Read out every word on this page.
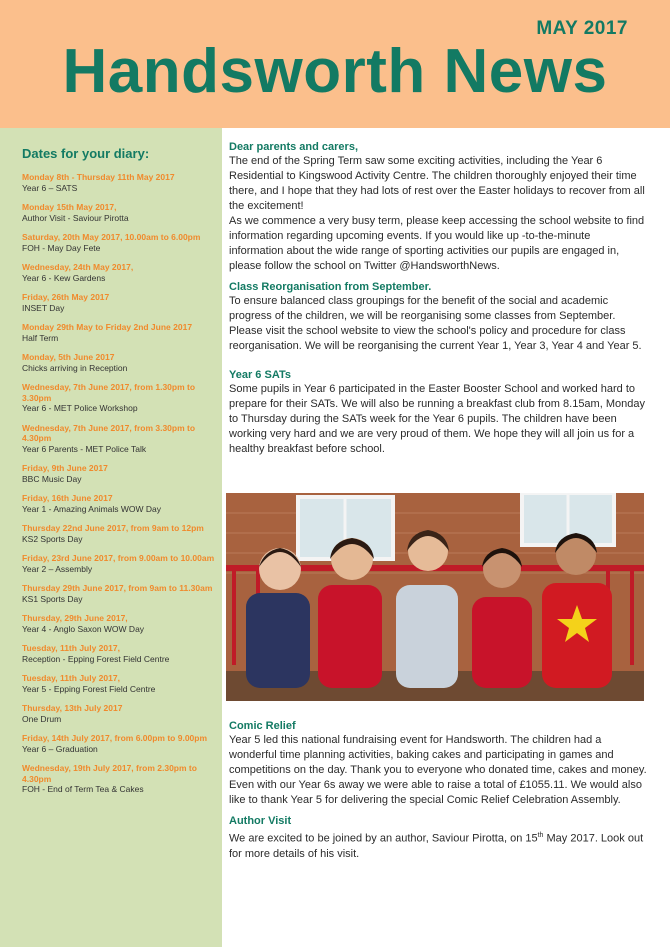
MAY 2017
Handsworth News
Dates for your diary:
Monday 8th - Thursday 11th May 2017
Year 6 – SATS
Monday 15th May 2017,
Author Visit - Saviour Pirotta
Saturday, 20th May 2017, 10.00am to 6.00pm
FOH - May Day Fete
Wednesday, 24th May 2017,
Year 6 - Kew Gardens
Friday, 26th May 2017
INSET Day
Monday 29th May to Friday 2nd June 2017
Half Term
Monday, 5th June 2017
Chicks arriving in Reception
Wednesday, 7th June 2017, from 1.30pm to 3.30pm
Year 6 - MET Police Workshop
Wednesday, 7th June 2017, from 3.30pm to 4.30pm
Year 6 Parents - MET Police Talk
Friday, 9th June 2017
BBC Music Day
Friday, 16th June 2017
Year 1 - Amazing Animals WOW Day
Thursday 22nd June 2017, from 9am to 12pm
KS2 Sports Day
Friday, 23rd June 2017, from 9.00am to 10.00am
Year 2 – Assembly
Thursday 29th June 2017, from 9am to 11.30am
KS1 Sports Day
Thursday, 29th June 2017,
Year 4 - Anglo Saxon WOW Day
Tuesday, 11th July 2017,
Reception - Epping Forest Field Centre
Tuesday, 11th July 2017,
Year 5 - Epping Forest Field Centre
Thursday, 13th July 2017
One Drum
Friday, 14th July 2017, from 6.00pm to 9.00pm
Year 6 – Graduation
Wednesday, 19th July 2017, from 2.30pm to 4.30pm
FOH - End of Term Tea & Cakes
Dear parents and carers,
The end of the Spring Term saw some exciting activities, including the Year 6 Residential to Kingswood Activity Centre. The children thoroughly enjoyed their time there, and I hope that they had lots of rest over the Easter holidays to recover from all the excitement!
As we commence a very busy term, please keep accessing the school website to find information regarding upcoming events. If you would like up -to-the-minute information about the wide range of sporting activities our pupils are engaged in, please follow the school on Twitter @HandsworthNews.
Class Reorganisation from September.
To ensure balanced class groupings for the benefit of the social and academic progress of the children, we will be reorganising some classes from September. Please visit the school website to view the school's policy and procedure for class reorganisation. We will be reorganising the current Year 1, Year 3, Year 4 and Year 5.
Year 6 SATs
Some pupils in Year 6 participated in the Easter Booster School and worked hard to prepare for their SATs. We will also be running a breakfast club from 8.15am, Monday to Thursday during the SATs week for the Year 6 pupils. The children have been working very hard and we are very proud of them. We hope they will all join us for a healthy breakfast before school.
Comic Relief
Year 5 led this national fundraising event for Handsworth. The children had a wonderful time planning activities, baking cakes and participating in games and competitions on the day. Thank you to everyone who donated time, cakes and money. Even with our Year 6s away we were able to raise a total of £1055.11. We would also like to thank Year 5 for delivering the special Comic Relief Celebration Assembly.
Author Visit
We are excited to be joined by an author, Saviour Pirotta, on 15th May 2017. Look out for more details of his visit.
